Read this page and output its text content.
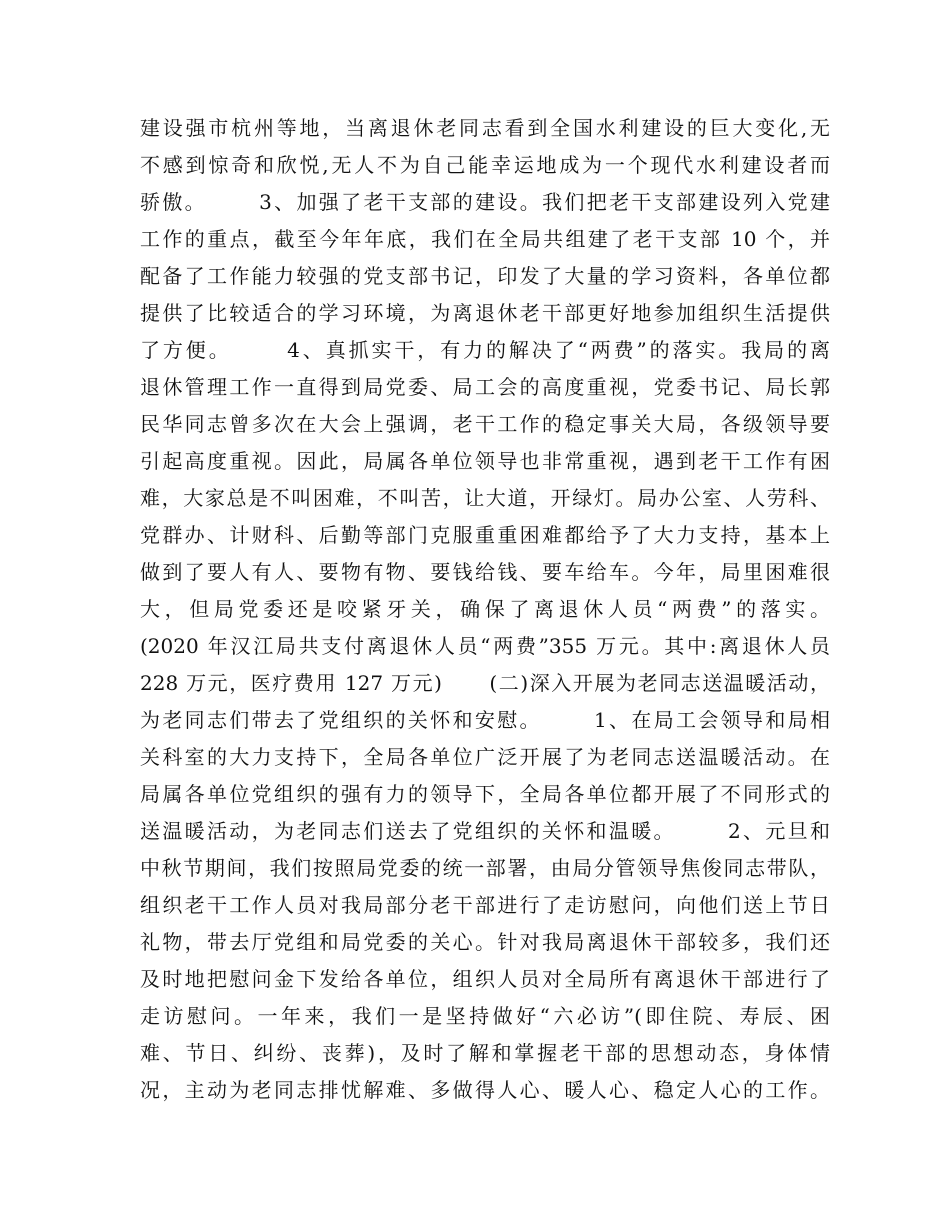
建设强市杭州等地，当离退休老同志看到全国水利建设的巨大变化,无
不感到惊奇和欣悦,无人不为自己能幸运地成为一个现代水利建设者而
骄傲。      3、加强了老干支部的建设。我们把老干支部建设列入党建
工作的重点，截至今年年底，我们在全局共组建了老干支部 10 个，并
配备了工作能力较强的党支部书记，印发了大量的学习资料，各单位都
提供了比较适合的学习环境，为离退休老干部更好地参加组织生活提供
了方便。      4、真抓实干，有力的解决了“两费”的落实。我局的离
退休管理工作一直得到局党委、局工会的高度重视，党委书记、局长郭
民华同志曾多次在大会上强调，老干工作的稳定事关大局，各级领导要
引起高度重视。因此，局属各单位领导也非常重视，遇到老干工作有困
难，大家总是不叫困难，不叫苦，让大道，开绿灯。局办公室、人劳科、
党群办、计财科、后勤等部门克服重重困难都给予了大力支持，基本上
做到了要人有人、要物有物、要钱给钱、要车给车。今年，局里困难很
大，但局党委还是咬紧牙关，确保了离退休人员“两费”的落实。
(2020 年汉江局共支付离退休人员“两费”355 万元。其中:离退休人员
228 万元，医疗费用 127 万元)      (二)深入开展为老同志送温暖活动，
为老同志们带去了党组织的关怀和安慰。      1、在局工会领导和局相
关科室的大力支持下，全局各单位广泛开展了为老同志送温暖活动。在
局属各单位党组织的强有力的领导下，全局各单位都开展了不同形式的
送温暖活动，为老同志们送去了党组织的关怀和温暖。      2、元旦和
中秋节期间，我们按照局党委的统一部署，由局分管领导焦俊同志带队，
组织老干工作人员对我局部分老干部进行了走访慰问，向他们送上节日
礼物，带去厅党组和局党委的关心。针对我局离退休干部较多，我们还
及时地把慰问金下发给各单位，组织人员对全局所有离退休干部进行了
走访慰问。一年来，我们一是坚持做好“六必访”(即住院、寿辰、困
难、节日、纠纷、丧葬)，及时了解和掌握老干部的思想动态，身体情
况，主动为老同志排忧解难、多做得人心、暖人心、稳定人心的工作。
